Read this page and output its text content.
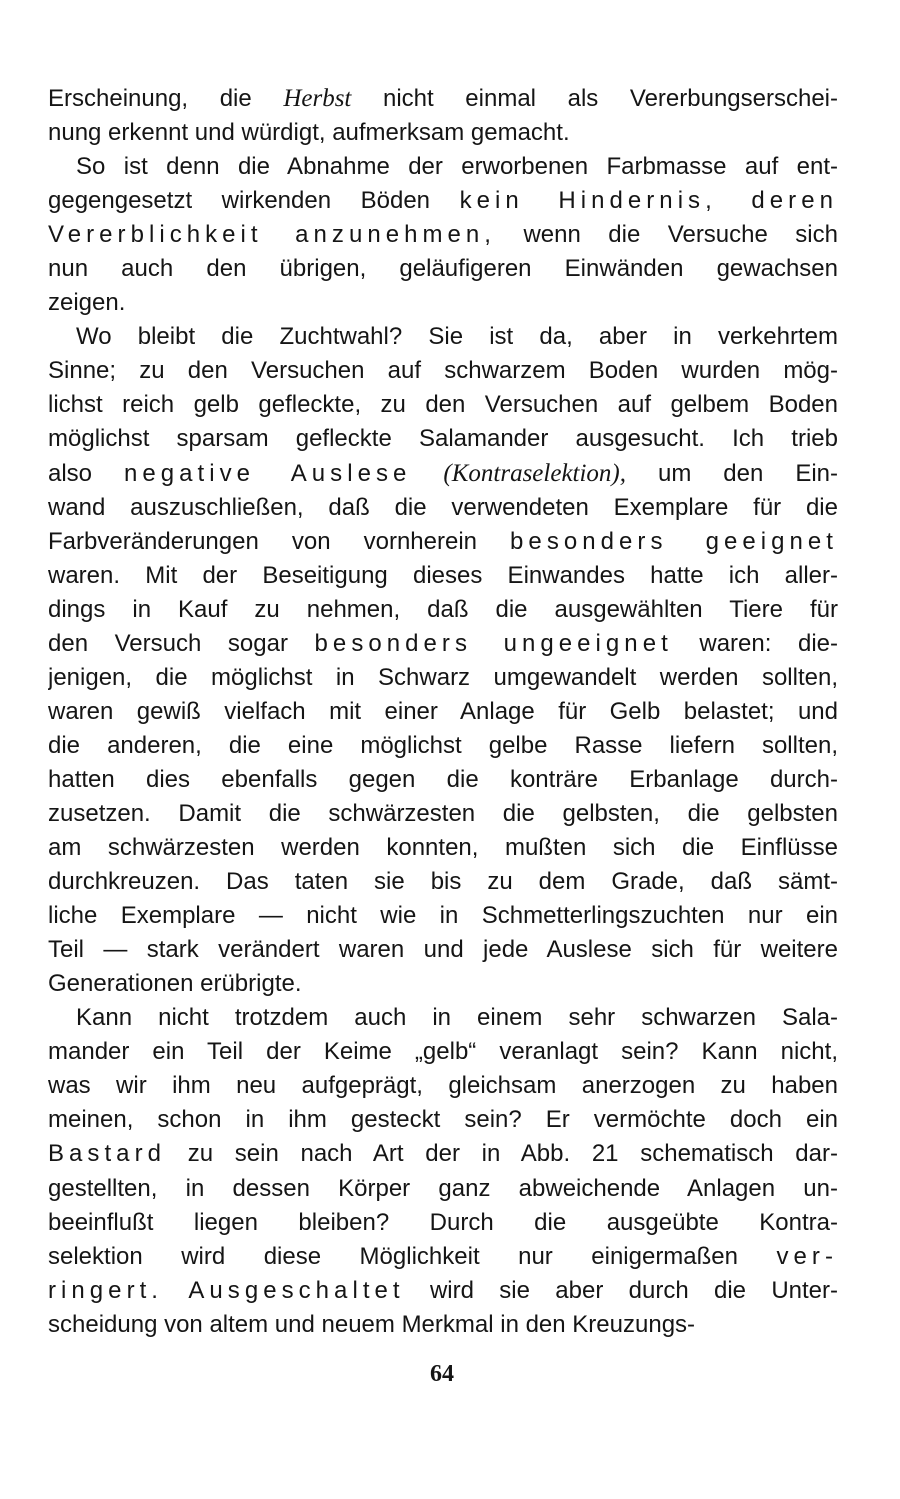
Erscheinung, die Herbst nicht einmal als Vererbungserschei-
nung erkennt und würdigt, aufmerksam gemacht.
So ist denn die Abnahme der erworbenen Farbmasse auf ent-
gegengesetzt wirkenden Böden kein Hindernis, deren
Vererblichkeit anzunehmen, wenn die Versuche sich
nun auch den übrigen, geläufigeren Einwänden gewachsen
zeigen.
Wo bleibt die Zuchtwahl? Sie ist da, aber in verkehrtem
Sinne; zu den Versuchen auf schwarzem Boden wurden mög-
lichst reich gelb gefleckte, zu den Versuchen auf gelbem Boden
möglichst sparsam gefleckte Salamander ausgesucht. Ich trieb
also negative Auslese (Kontraselektion), um den Ein-
wand auszuschließen, daß die verwendeten Exemplare für die
Farbveränderungen von vornherein besonders geeignet
waren. Mit der Beseitigung dieses Einwandes hatte ich aller-
dings in Kauf zu nehmen, daß die ausgewählten Tiere für
den Versuch sogar besonders ungeeignet waren: die-
jenigen, die möglichst in Schwarz umgewandelt werden sollten,
waren gewiß vielfach mit einer Anlage für Gelb belastet; und
die anderen, die eine möglichst gelbe Rasse liefern sollten,
hatten dies ebenfalls gegen die konträre Erbanlage durch-
zusetzen. Damit die schwärzesten die gelbsten, die gelbsten
am schwärzesten werden konnten, mußten sich die Einflüsse
durchkreuzen. Das taten sie bis zu dem Grade, daß sämt-
liche Exemplare — nicht wie in Schmetterlingszuchten nur ein
Teil — stark verändert waren und jede Auslese sich für weitere
Generationen erübrigte.
Kann nicht trotzdem auch in einem sehr schwarzen Sala-
mander ein Teil der Keime „gelb“ veranlagt sein? Kann nicht,
was wir ihm neu aufgeprägt, gleichsam anerzogen zu haben
meinen, schon in ihm gesteckt sein? Er vermöchte doch ein
Bastard zu sein nach Art der in Abb. 21 schematisch dar-
gestellten, in dessen Körper ganz abweichende Anlagen un-
beeinflußt liegen bleiben? Durch die ausgeübte Kontra-
selektion wird diese Möglichkeit nur einigermaßen ver-
ringert. Ausgeschaltet wird sie aber durch die Unter-
scheidung von altem und neuem Merkmal in den Kreuzungs-
64
